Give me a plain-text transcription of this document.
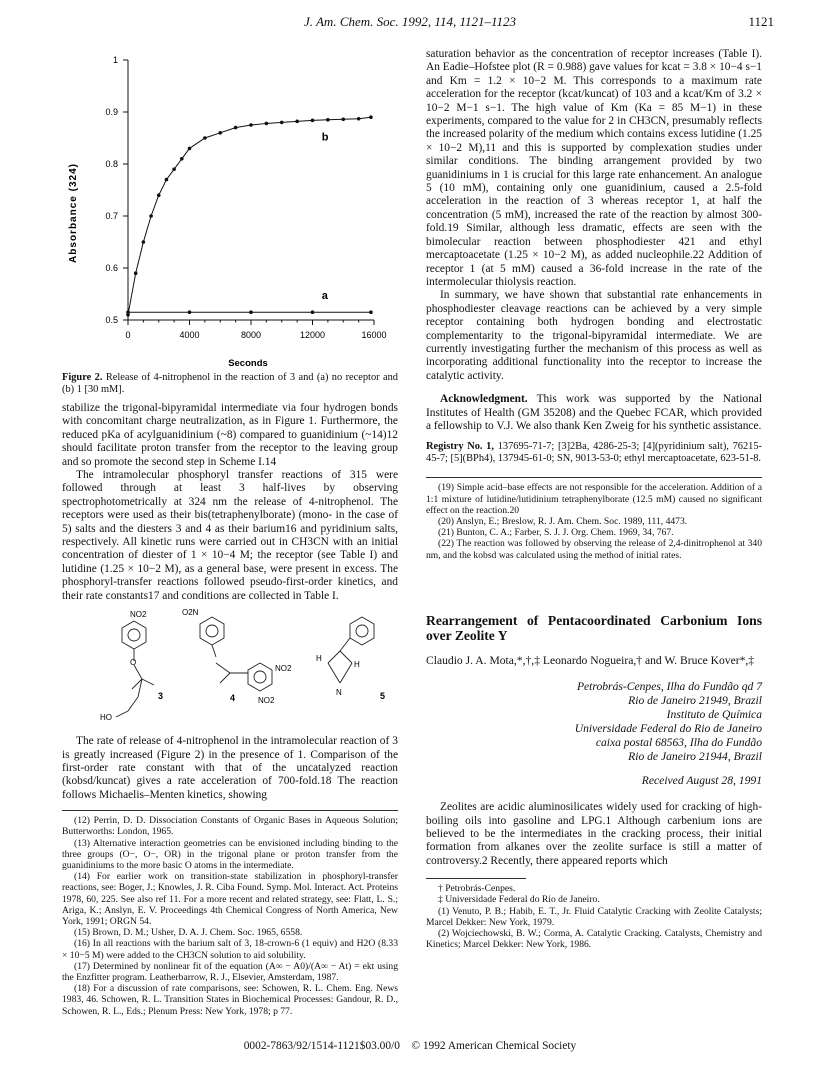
J. Am. Chem. Soc. 1992, 114, 1121–1123	1121
0	4000	8000	12000	16000
0.5
0.6
0.7
0.8
0.9
1
b
a
Absorbance (324)
Seconds
Figure 2. Release of 4-nitrophenol in the reaction of 3 and (a) no receptor and (b) 1 [30 mM].

stabilize the trigonal-bipyramidal intermediate via four hydrogen bonds with concomitant charge neutralization, as in Figure 1. Furthermore, the reduced pKa of acylguanidinium (~8) compared to guanidinium (~14)12 should facilitate proton transfer from the receptor to the leaving group and so promote the second step in Scheme I.14

The intramolecular phosphoryl transfer reactions of 315 were followed through at least 3 half-lives by observing spectrophotometrically at 324 nm the release of 4-nitrophenol. The receptors were used as their bis(tetraphenylborate) (mono- in the case of 5) salts and the diesters 3 and 4 as their barium16 and pyridinium salts, respectively. All kinetic runs were carried out in CH3CN with an initial concentration of diester of 1 × 10−4 M; the receptor (see Table I) and lutidine (1.25 × 10−2 M), as a general base, were present in excess. The phosphoryl-transfer reactions followed pseudo-first-order kinetics, and their rate constants17 and conditions are collected in Table I.

NO2
O
HO
3
O2N
NO2
NO2
4
H
N
H
5

The rate of release of 4-nitrophenol in the intramolecular reaction of 3 is greatly increased (Figure 2) in the presence of 1. Comparison of the first-order rate constant with that of the uncatalyzed reaction (kobsd/kuncat) gives a rate acceleration of 700-fold.18 The reaction follows Michaelis–Menten kinetics, showing

(12) Perrin, D. D. Dissociation Constants of Organic Bases in Aqueous Solution; Butterworths: London, 1965.

(13) Alternative interaction geometries can be envisioned including binding to the three groups (O−, O−, OR) in the trigonal plane or proton transfer from the guanidiniums to the more basic O atoms in the intermediate.

(14) For earlier work on transition-state stabilization in phosphoryl-transfer reactions, see: Boger, J.; Knowles, J. R. Ciba Found. Symp. Mol. Interact. Act. Proteins 1978, 60, 225. See also ref 11. For a more recent and related strategy, see: Flatt, L. S.; Ariga, K.; Anslyn, E. V. Proceedings 4th Chemical Congress of North America, New York, 1991; ORGN 54.

(15) Brown, D. M.; Usher, D. A. J. Chem. Soc. 1965, 6558.

(16) In all reactions with the barium salt of 3, 18-crown-6 (1 equiv) and H2O (8.33 × 10−5 M) were added to the CH3CN solution to aid solubility.

(17) Determined by nonlinear fit of the equation (A∞ − A0)/(A∞ − At) = ekt using the Enzfitter program. Leatherbarrow, R. J., Elsevier, Amsterdam, 1987.

(18) For a discussion of rate comparisons, see: Schowen, R. L. Chem. Eng. News 1983, 46. Schowen, R. L. Transition States in Biochemical Processes: Gandour, R. D., Schowen, R. L., Eds.; Plenum Press: New York, 1978; p 77.

saturation behavior as the concentration of receptor increases (Table I). An Eadie–Hofstee plot (R = 0.988) gave values for kcat = 3.8 × 10−4 s−1 and Km = 1.2 × 10−2 M. This corresponds to a maximum rate acceleration for the receptor (kcat/kuncat) of 103 and a kcat/Km of 3.2 × 10−2 M−1 s−1. The high value of Km (Ka = 85 M−1) in these experiments, compared to the value for 2 in CH3CN, presumably reflects the increased polarity of the medium which contains excess lutidine (1.25 × 10−2 M),11 and this is supported by complexation studies under similar conditions. The binding arrangement provided by two guanidiniums in 1 is crucial for this large rate enhancement. An analogue 5 (10 mM), containing only one guanidinium, caused a 2.5-fold acceleration in the reaction of 3 whereas receptor 1, at half the concentration (5 mM), increased the rate of the reaction by almost 300-fold.19 Similar, although less dramatic, effects are seen with the bimolecular reaction between phosphodiester 421 and ethyl mercaptoacetate (1.25 × 10−2 M), as added nucleophile.22 Addition of receptor 1 (at 5 mM) caused a 36-fold increase in the rate of the intermolecular thiolysis reaction.

In summary, we have shown that substantial rate enhancements in phosphodiester cleavage reactions can be achieved by a very simple receptor containing both hydrogen bonding and electrostatic complementarity to the trigonal-bipyramidal intermediate. We are currently investigating further the mechanism of this process as well as incorporating additional functionality into the receptor to increase the catalytic activity.

Acknowledgment. This work was supported by the National Institutes of Health (GM 35208) and the Quebec FCAR, which provided a fellowship to V.J. We also thank Ken Zweig for his synthetic assistance.

Registry No. 1, 137695-71-7; [3]2Ba, 4286-25-3; [4](pyridinium salt), 76215-45-7; [5](BPh4), 137945-61-0; SN, 9013-53-0; ethyl mercaptoacetate, 623-51-8.

(19) Simple acid–base effects are not responsible for the acceleration. Addition of a 1:1 mixture of lutidine/lutidinium tetraphenylborate (12.5 mM) caused no significant effect on the reaction.20

(20) Anslyn, E.; Breslow, R. J. Am. Chem. Soc. 1989, 111, 4473.

(21) Bunton, C. A.; Farber, S. J. J. Org. Chem. 1969, 34, 767.

(22) The reaction was followed by observing the release of 2,4-dinitrophenol at 340 nm, and the kobsd was calculated using the method of initial rates.

Rearrangement of Pentacoordinated Carbonium Ions over Zeolite Y
Claudio J. A. Mota,*,†,‡ Leonardo Nogueira,† and W. Bruce Kover*,‡
Petrobrás-Cenpes, Ilha do Fundão qd 7
Rio de Janeiro 21949, Brazil
Instituto de Química
Universidade Federal do Rio de Janeiro
caixa postal 68563, Ilha do Fundão
Rio de Janeiro 21944, Brazil
Received August 28, 1991

Zeolites are acidic aluminosilicates widely used for cracking of high-boiling oils into gasoline and LPG.1 Although carbenium ions are believed to be the intermediates in the cracking process, their initial formation from alkanes over the zeolite surface is still a matter of controversy.2 Recently, there appeared reports which

† Petrobrás-Cenpes.

‡ Universidade Federal do Rio de Janeiro.

(1) Venuto, P. B.; Habib, E. T., Jr. Fluid Catalytic Cracking with Zeolite Catalysts; Marcel Dekker: New York, 1979.

(2) Wojciechowski, B. W.; Corma, A. Catalytic Cracking. Catalysts, Chemistry and Kinetics; Marcel Dekker: New York, 1986.

0002-7863/92/1514-1121$03.00/0 © 1992 American Chemical Society
